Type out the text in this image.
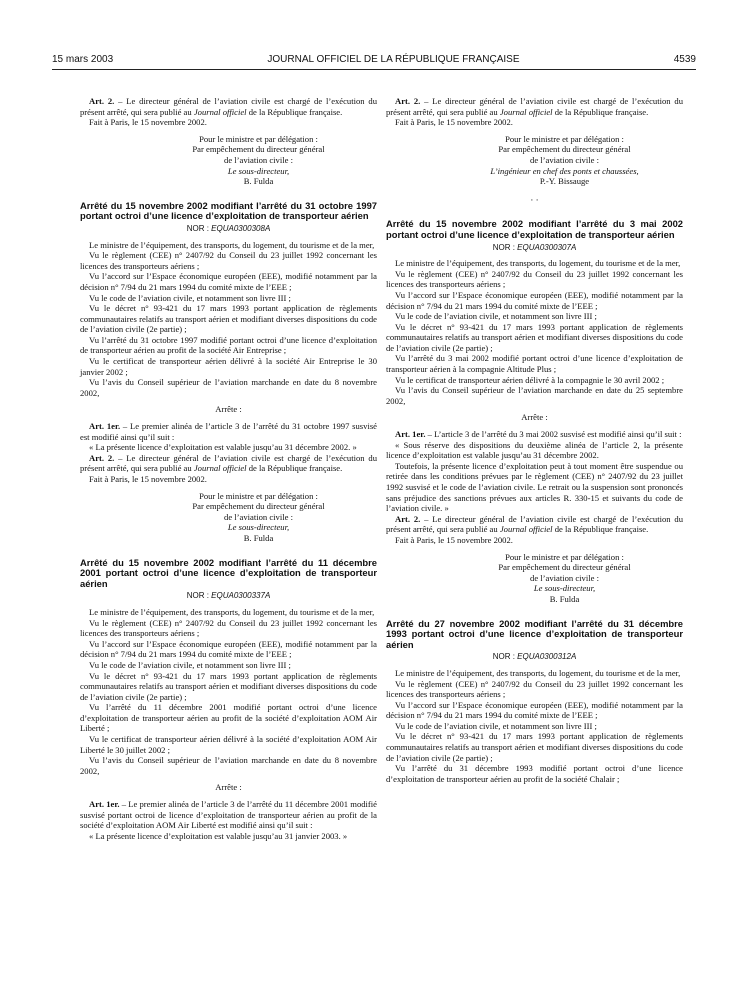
15 mars 2003	JOURNAL OFFICIEL DE LA RÉPUBLIQUE FRANÇAISE	4539

Art. 2. – Le directeur général de l’aviation civile est chargé de l’exécution du présent arrêté, qui sera publié au Journal officiel de la République française.

Fait à Paris, le 15 novembre 2002.

Pour le ministre et par délégation :

Par empêchement du directeur général

de l’aviation civile :

Le sous-directeur,

B. Fulda

Arrêté du 15 novembre 2002 modifiant l’arrêté du 31 octobre 1997 portant octroi d’une licence d’exploitation de transporteur aérien
NOR : EQUA0300308A

Le ministre de l’équipement, des transports, du logement, du tourisme et de la mer,

Vu le règlement (CEE) n° 2407/92 du Conseil du 23 juillet 1992 concernant les licences des transporteurs aériens ;

Vu l’accord sur l’Espace économique européen (EEE), modifié notamment par la décision n° 7/94 du 21 mars 1994 du comité mixte de l’EEE ;

Vu le code de l’aviation civile, et notamment son livre III ;

Vu le décret n° 93-421 du 17 mars 1993 portant application de règlements communautaires relatifs au transport aérien et modifiant diverses dispositions du code de l’aviation civile (2e partie) ;

Vu l’arrêté du 31 octobre 1997 modifié portant octroi d’une licence d’exploitation de transporteur aérien au profit de la société Air Entreprise ;

Vu le certificat de transporteur aérien délivré à la société Air Entreprise le 30 janvier 2002 ;

Vu l’avis du Conseil supérieur de l’aviation marchande en date du 8 novembre 2002,

Arrête :

Art. 1er. – Le premier alinéa de l’article 3 de l’arrêté du 31 octobre 1997 susvisé est modifié ainsi qu’il suit :

« La présente licence d’exploitation est valable jusqu’au 31 décembre 2002. »

Art. 2. – Le directeur général de l’aviation civile est chargé de l’exécution du présent arrêté, qui sera publié au Journal officiel de la République française.

Fait à Paris, le 15 novembre 2002.

Pour le ministre et par délégation :

Par empêchement du directeur général

de l’aviation civile :

Le sous-directeur,

B. Fulda

Arrêté du 15 novembre 2002 modifiant l’arrêté du 11 décembre 2001 portant octroi d’une licence d’exploitation de transporteur aérien
NOR : EQUA0300337A

Le ministre de l’équipement, des transports, du logement, du tourisme et de la mer,

Vu le règlement (CEE) n° 2407/92 du Conseil du 23 juillet 1992 concernant les licences des transporteurs aériens ;

Vu l’accord sur l’Espace économique européen (EEE), modifié notamment par la décision n° 7/94 du 21 mars 1994 du comité mixte de l’EEE ;

Vu le code de l’aviation civile, et notamment son livre III ;

Vu le décret n° 93-421 du 17 mars 1993 portant application de règlements communautaires relatifs au transport aérien et modifiant diverses dispositions du code de l’aviation civile (2e partie) ;

Vu l’arrêté du 11 décembre 2001 modifié portant octroi d’une licence d’exploitation de transporteur aérien au profit de la société d’exploitation AOM Air Liberté ;

Vu le certificat de transporteur aérien délivré à la société d’exploitation AOM Air Liberté le 30 juillet 2002 ;

Vu l’avis du Conseil supérieur de l’aviation marchande en date du 8 novembre 2002,

Arrête :

Art. 1er. – Le premier alinéa de l’article 3 de l’arrêté du 11 décembre 2001 modifié susvisé portant octroi de licence d’exploitation de transporteur aérien au profit de la société d’exploitation AOM Air Liberté est modifié ainsi qu’il suit :

« La présente licence d’exploitation est valable jusqu’au 31 janvier 2003. »

Art. 2. – Le directeur général de l’aviation civile est chargé de l’exécution du présent arrêté, qui sera publié au Journal officiel de la République française.

Fait à Paris, le 15 novembre 2002.

Pour le ministre et par délégation :

Par empêchement du directeur général

de l’aviation civile :

L’ingénieur en chef des ponts et chaussées,

P.-Y. Bissauge

· ·
Arrêté du 15 novembre 2002 modifiant l’arrêté du 3 mai 2002 portant octroi d’une licence d’exploitation de transporteur aérien
NOR : EQUA0300307A

Le ministre de l’équipement, des transports, du logement, du tourisme et de la mer,

Vu le règlement (CEE) n° 2407/92 du Conseil du 23 juillet 1992 concernant les licences des transporteurs aériens ;

Vu l’accord sur l’Espace économique européen (EEE), modifié notamment par la décision n° 7/94 du 21 mars 1994 du comité mixte de l’EEE ;

Vu le code de l’aviation civile, et notamment son livre III ;

Vu le décret n° 93-421 du 17 mars 1993 portant application de règlements communautaires relatifs au transport aérien et modifiant diverses dispositions du code de l’aviation civile (2e partie) ;

Vu l’arrêté du 3 mai 2002 modifié portant octroi d’une licence d’exploitation de transporteur aérien à la compagnie Altitude Plus ;

Vu le certificat de transporteur aérien délivré à la compagnie le 30 avril 2002 ;

Vu l’avis du Conseil supérieur de l’aviation marchande en date du 25 septembre 2002,

Arrête :

Art. 1er. – L’article 3 de l’arrêté du 3 mai 2002 susvisé est modifié ainsi qu’il suit :

« Sous réserve des dispositions du deuxième alinéa de l’article 2, la présente licence d’exploitation est valable jusqu’au 31 décembre 2002.

Toutefois, la présente licence d’exploitation peut à tout moment être suspendue ou retirée dans les conditions prévues par le règlement (CEE) n° 2407/92 du 23 juillet 1992 susvisé et le code de l’aviation civile. Le retrait ou la suspension sont prononcés sans préjudice des sanctions prévues aux articles R. 330-15 et suivants du code de l’aviation civile. »

Art. 2. – Le directeur général de l’aviation civile est chargé de l’exécution du présent arrêté, qui sera publié au Journal officiel de la République française.

Fait à Paris, le 15 novembre 2002.

Pour le ministre et par délégation :

Par empêchement du directeur général

de l’aviation civile :

Le sous-directeur,

B. Fulda

Arrêté du 27 novembre 2002 modifiant l’arrêté du 31 décembre 1993 portant octroi d’une licence d’exploitation de transporteur aérien
NOR : EQUA0300312A

Le ministre de l’équipement, des transports, du logement, du tourisme et de la mer,

Vu le règlement (CEE) n° 2407/92 du Conseil du 23 juillet 1992 concernant les licences des transporteurs aériens ;

Vu l’accord sur l’Espace économique européen (EEE), modifié notamment par la décision n° 7/94 du 21 mars 1994 du comité mixte de l’EEE ;

Vu le code de l’aviation civile, et notamment son livre III ;

Vu le décret n° 93-421 du 17 mars 1993 portant application de règlements communautaires relatifs au transport aérien et modifiant diverses dispositions du code de l’aviation civile (2e partie) ;

Vu l’arrêté du 31 décembre 1993 modifié portant octroi d’une licence d’exploitation de transporteur aérien au profit de la société Chalair ;
